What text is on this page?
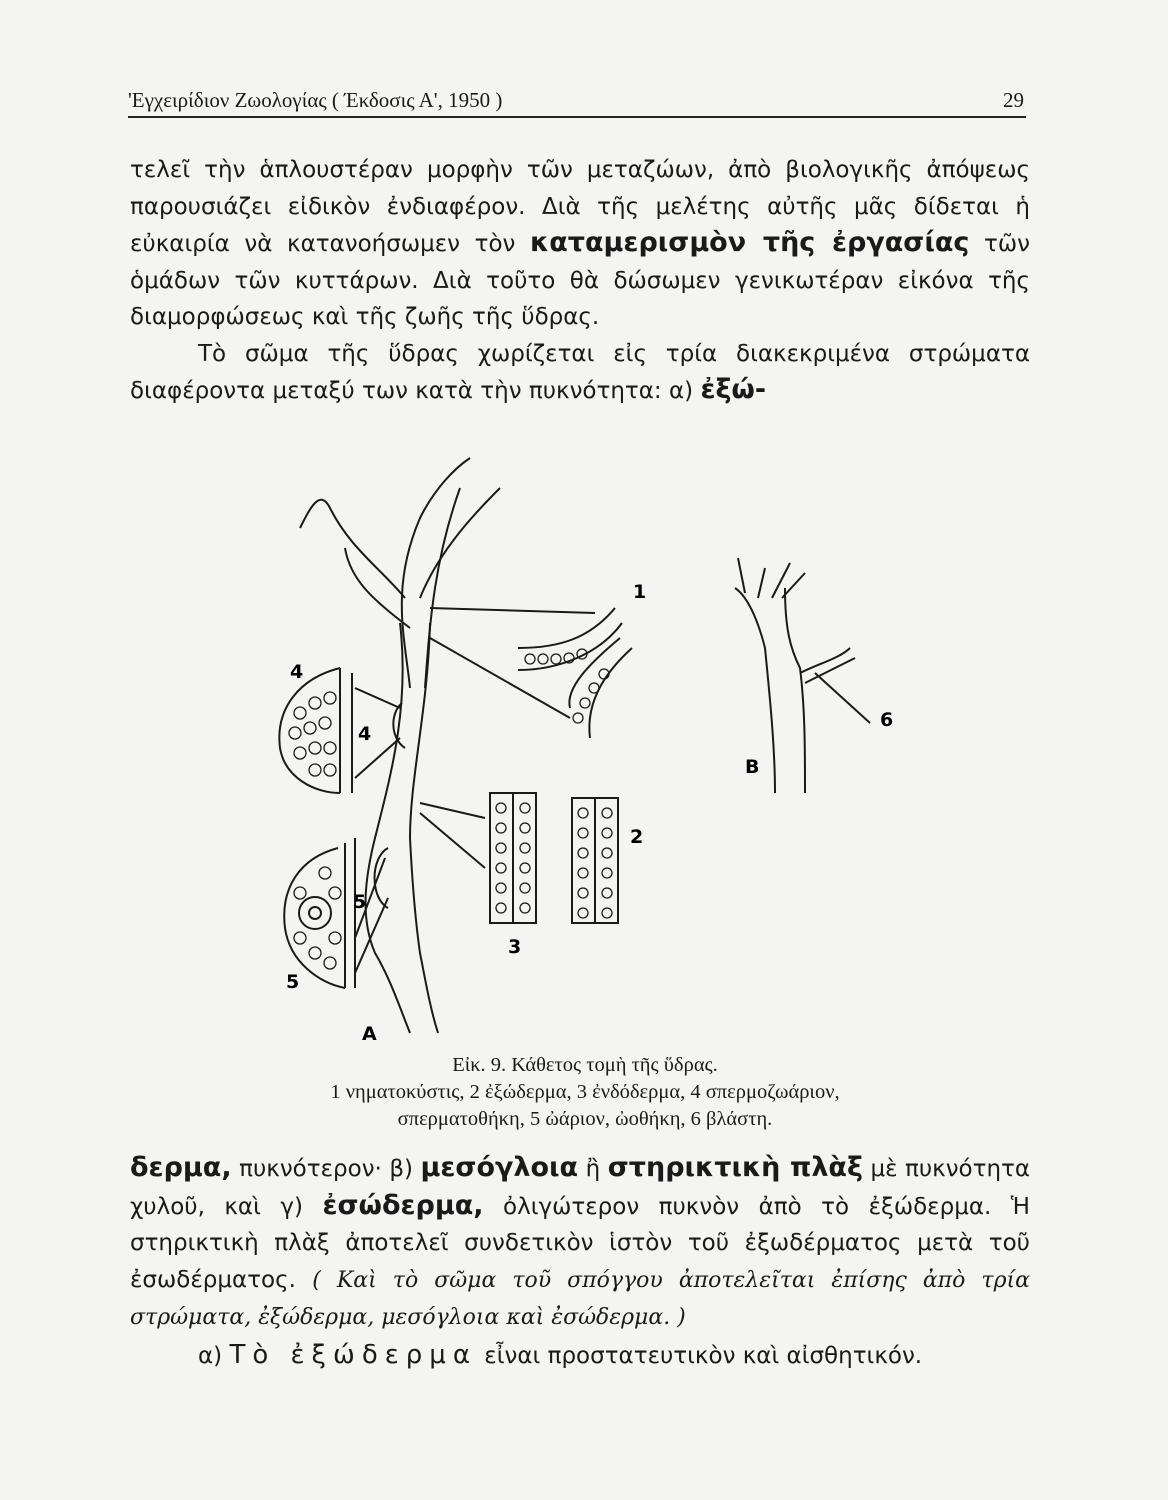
'Εγχειρίδιον Ζωολογίας ( Έκδοσις Α', 1950 )	29

τελεῖ τὴν ἁπλουστέραν μορφὴν τῶν μεταζώων, ἀπὸ βιολογικῆς ἀπόψεως παρουσιάζει εἰδικὸν ἐνδιαφέρον. Διὰ τῆς μελέτης αὐτῆς μᾶς δίδεται ἡ εὐκαιρία νὰ κατανοήσωμεν τὸν καταμερισμὸν τῆς ἐργασίας τῶν ὁμάδων τῶν κυττάρων. Διὰ τοῦτο θὰ δώσωμεν γενικωτέραν εἰκόνα τῆς διαμορφώσεως καὶ τῆς ζωῆς τῆς ὕδρας.

Τὸ σῶμα τῆς ὕδρας χωρίζεται εἰς τρία διακεκριμένα στρώματα διαφέροντα μεταξύ των κατὰ τὴν πυκνότητα: α) ἐξώ-

1
2
3
4
4
5
5
6
A
B
Εἰκ. 9. Κάθετος τομὴ τῆς ὕδρας.
1 νηματοκύστις, 2 ἐξώδερμα, 3 ἐνδόδερμα, 4 σπερμοζωάριον,
σπερματοθήκη, 5 ὠάριον, ὠοθήκη, 6 βλάστη.

δερμα, πυκνότερον· β) μεσόγλοια ἢ στηρικτικὴ πλὰξ μὲ πυκνότητα χυλοῦ, καὶ γ) ἐσώδερμα, ὀλιγώτερον πυκνὸν ἀπὸ τὸ ἐξώδερμα. Ἡ στηρικτικὴ πλὰξ ἀποτελεῖ συνδετικὸν ἱστὸν τοῦ ἐξωδέρματος μετὰ τοῦ ἐσωδέρματος. ( Καὶ τὸ σῶμα τοῦ σπόγγου ἀποτελεῖται ἐπίσης ἀπὸ τρία στρώματα, ἐξώδερμα, μεσόγλοια καὶ ἐσώδερμα. )

α) Τὸ ἐξώδερμα εἶναι προστατευτικὸν καὶ αἰσθητικόν.
